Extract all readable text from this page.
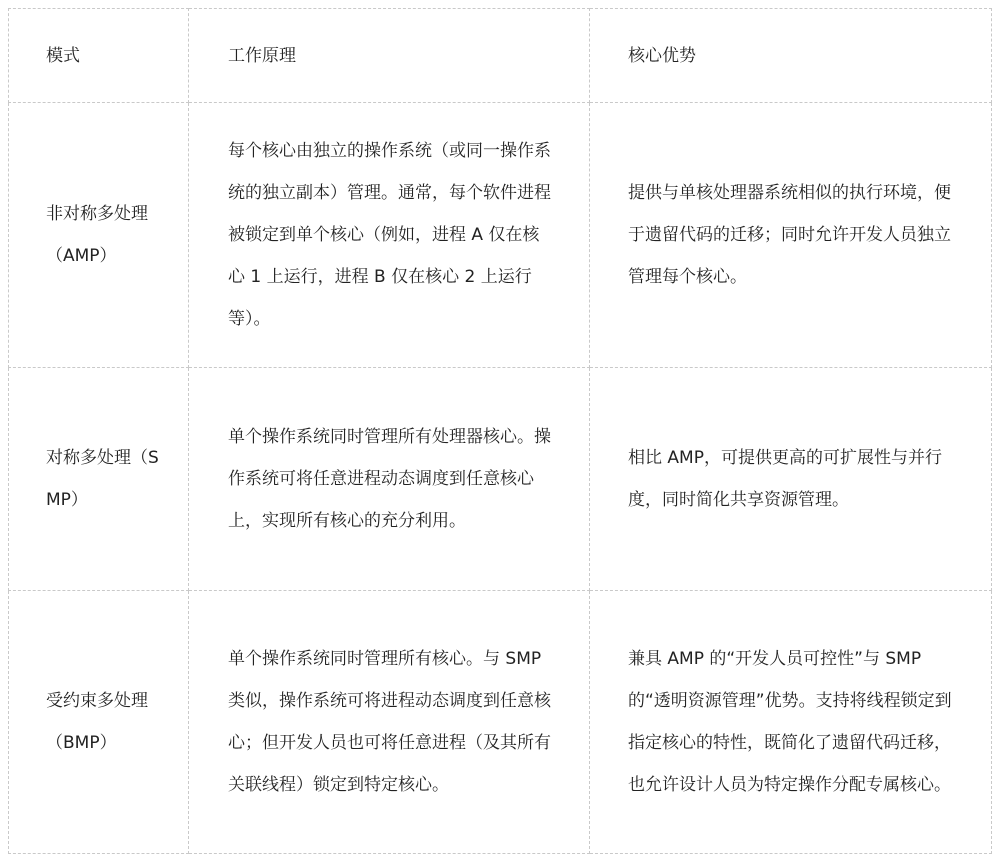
模式	工作原理	核心优势
非对称多处理（AMP）	每个核心由独立的操作系统（或同一操作系统的独立副本）管理。通常，每个软件进程被锁定到单个核心（例如，进程 A 仅在核心 1 上运行，进程 B 仅在核心 2 上运行等）。	提供与单核处理器系统相似的执行环境，便于遗留代码的迁移；同时允许开发人员独立管理每个核心。
对称多处理（SMP）	单个操作系统同时管理所有处理器核心。操作系统可将任意进程动态调度到任意核心上，实现所有核心的充分利用。	相比 AMP，可提供更高的可扩展性与并行度，同时简化共享资源管理。
受约束多处理（BMP）	单个操作系统同时管理所有核心。与 SMP 类似，操作系统可将进程动态调度到任意核心；但开发人员也可将任意进程（及其所有关联线程）锁定到特定核心。	兼具 AMP 的“开发人员可控性”与 SMP 的“透明资源管理”优势。支持将线程锁定到指定核心的特性，既简化了遗留代码迁移，也允许设计人员为特定操作分配专属核心。
